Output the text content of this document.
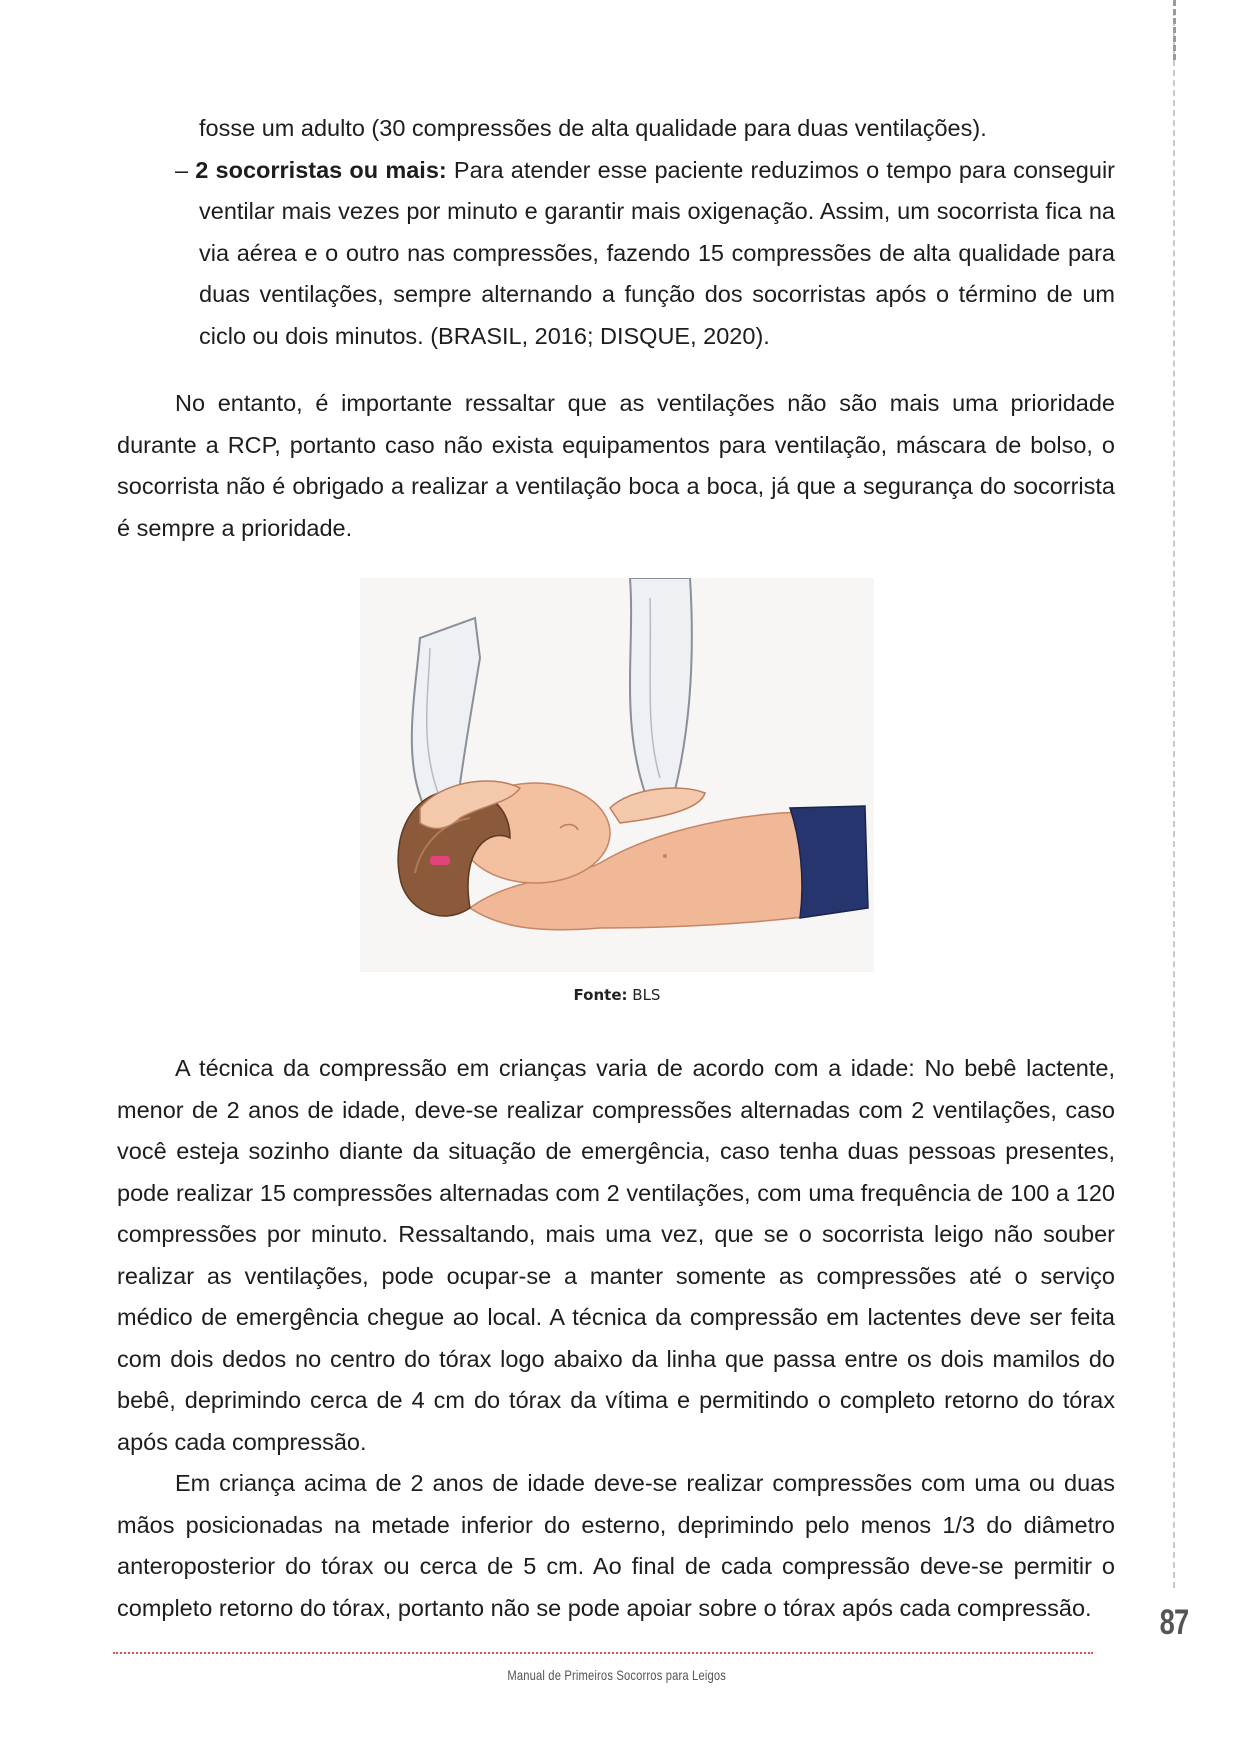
fosse um adulto (30 compressões de alta qualidade para duas ventilações).
– 2 socorristas ou mais: Para atender esse paciente reduzimos o tempo para conseguir ventilar mais vezes por minuto e garantir mais oxigenação. Assim, um socorrista fica na via aérea e o outro nas compressões, fazendo 15 compressões de alta qualidade para duas ventilações, sempre alternando a função dos socorristas após o término de um ciclo ou dois minutos. (BRASIL, 2016; DISQUE, 2020).
No entanto, é importante ressaltar que as ventilações não são mais uma prioridade durante a RCP, portanto caso não exista equipamentos para ventilação, máscara de bolso, o socorrista não é obrigado a realizar a ventilação boca a boca, já que a segurança do socorrista é sempre a prioridade.
Fonte: BLS
A técnica da compressão em crianças varia de acordo com a idade: No bebê lactente, menor de 2 anos de idade, deve-se realizar compressões alternadas com 2 ventilações, caso você esteja sozinho diante da situação de emergência, caso tenha duas pessoas presentes, pode realizar 15 compressões alternadas com 2 ventilações, com uma frequência de 100 a 120 compressões por minuto. Ressaltando, mais uma vez, que se o socorrista leigo não souber realizar as ventilações, pode ocupar-se a manter somente as compressões até o serviço médico de emergência chegue ao local. A técnica da compressão em lactentes deve ser feita com dois dedos no centro do tórax logo abaixo da linha que passa entre os dois mamilos do bebê, deprimindo cerca de 4 cm do tórax da vítima e permitindo o completo retorno do tórax após cada compressão.
Em criança acima de 2 anos de idade deve-se realizar compressões com uma ou duas mãos posicionadas na metade inferior do esterno, deprimindo pelo menos 1/3 do diâmetro anteroposterior do tórax ou cerca de 5 cm. Ao final de cada compressão deve-se permitir o completo retorno do tórax, portanto não se pode apoiar sobre o tórax após cada compressão.	87
Manual de Primeiros Socorros para Leigos
